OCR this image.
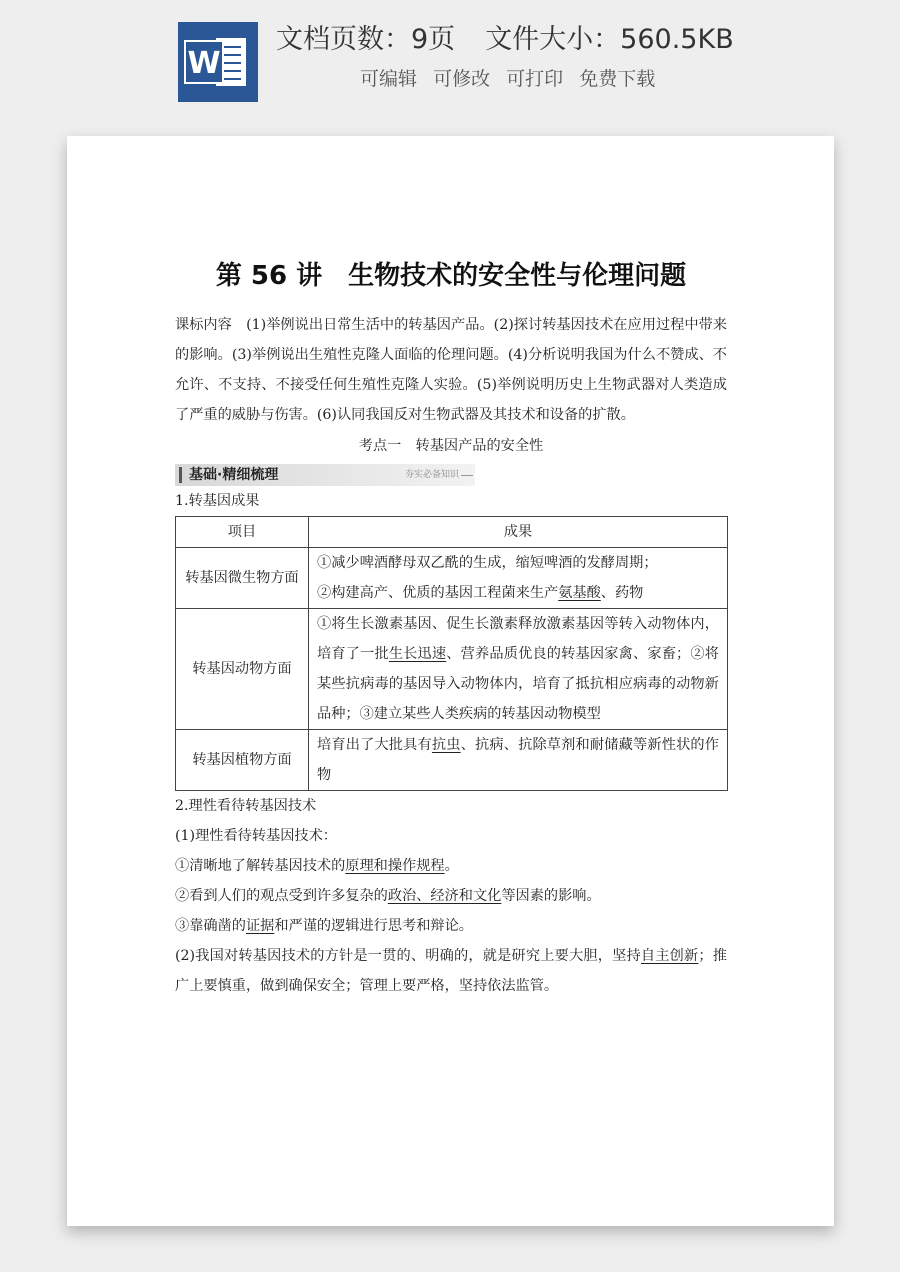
W
文档页数：9页 文件大小：560.5KB
可编辑 可修改 可打印 免费下载
第 56 讲　生物技术的安全性与伦理问题
课标内容　(1)举例说出日常生活中的转基因产品。(2)探讨转基因技术在应用过程中带来的影响。(3)举例说出生殖性克隆人面临的伦理问题。(4)分析说明我国为什么不赞成、不允许、不支持、不接受任何生殖性克隆人实验。(5)举例说明历史上生物武器对人类造成了严重的威胁与伤害。(6)认同我国反对生物武器及其技术和设备的扩散。
考点一　转基因产品的安全性
基础·精细梳理	夯实必备知识
1.转基因成果
项目	成果
转基因微生物方面	①减少啤酒酵母双乙酰的生成，缩短啤酒的发酵周期；
②构建高产、优质的基因工程菌来生产氨基酸、药物

转基因动物方面	①将生长激素基因、促生长激素释放激素基因等转入动物体内，培育了一批生长迅速、营养品质优良的转基因家禽、家畜；②将某些抗病毒的基因导入动物体内，培育了抵抗相应病毒的动物新品种；③建立某些人类疾病的转基因动物模型
转基因植物方面	培育出了大批具有抗虫、抗病、抗除草剂和耐储藏等新性状的作物
2.理性看待转基因技术
(1)理性看待转基因技术：
①清晰地了解转基因技术的原理和操作规程。
②看到人们的观点受到许多复杂的政治、经济和文化等因素的影响。
③靠确凿的证据和严谨的逻辑进行思考和辩论。
(2)我国对转基因技术的方针是一贯的、明确的，就是研究上要大胆，坚持自主创新；推广上要慎重，做到确保安全；管理上要严格，坚持依法监管。
